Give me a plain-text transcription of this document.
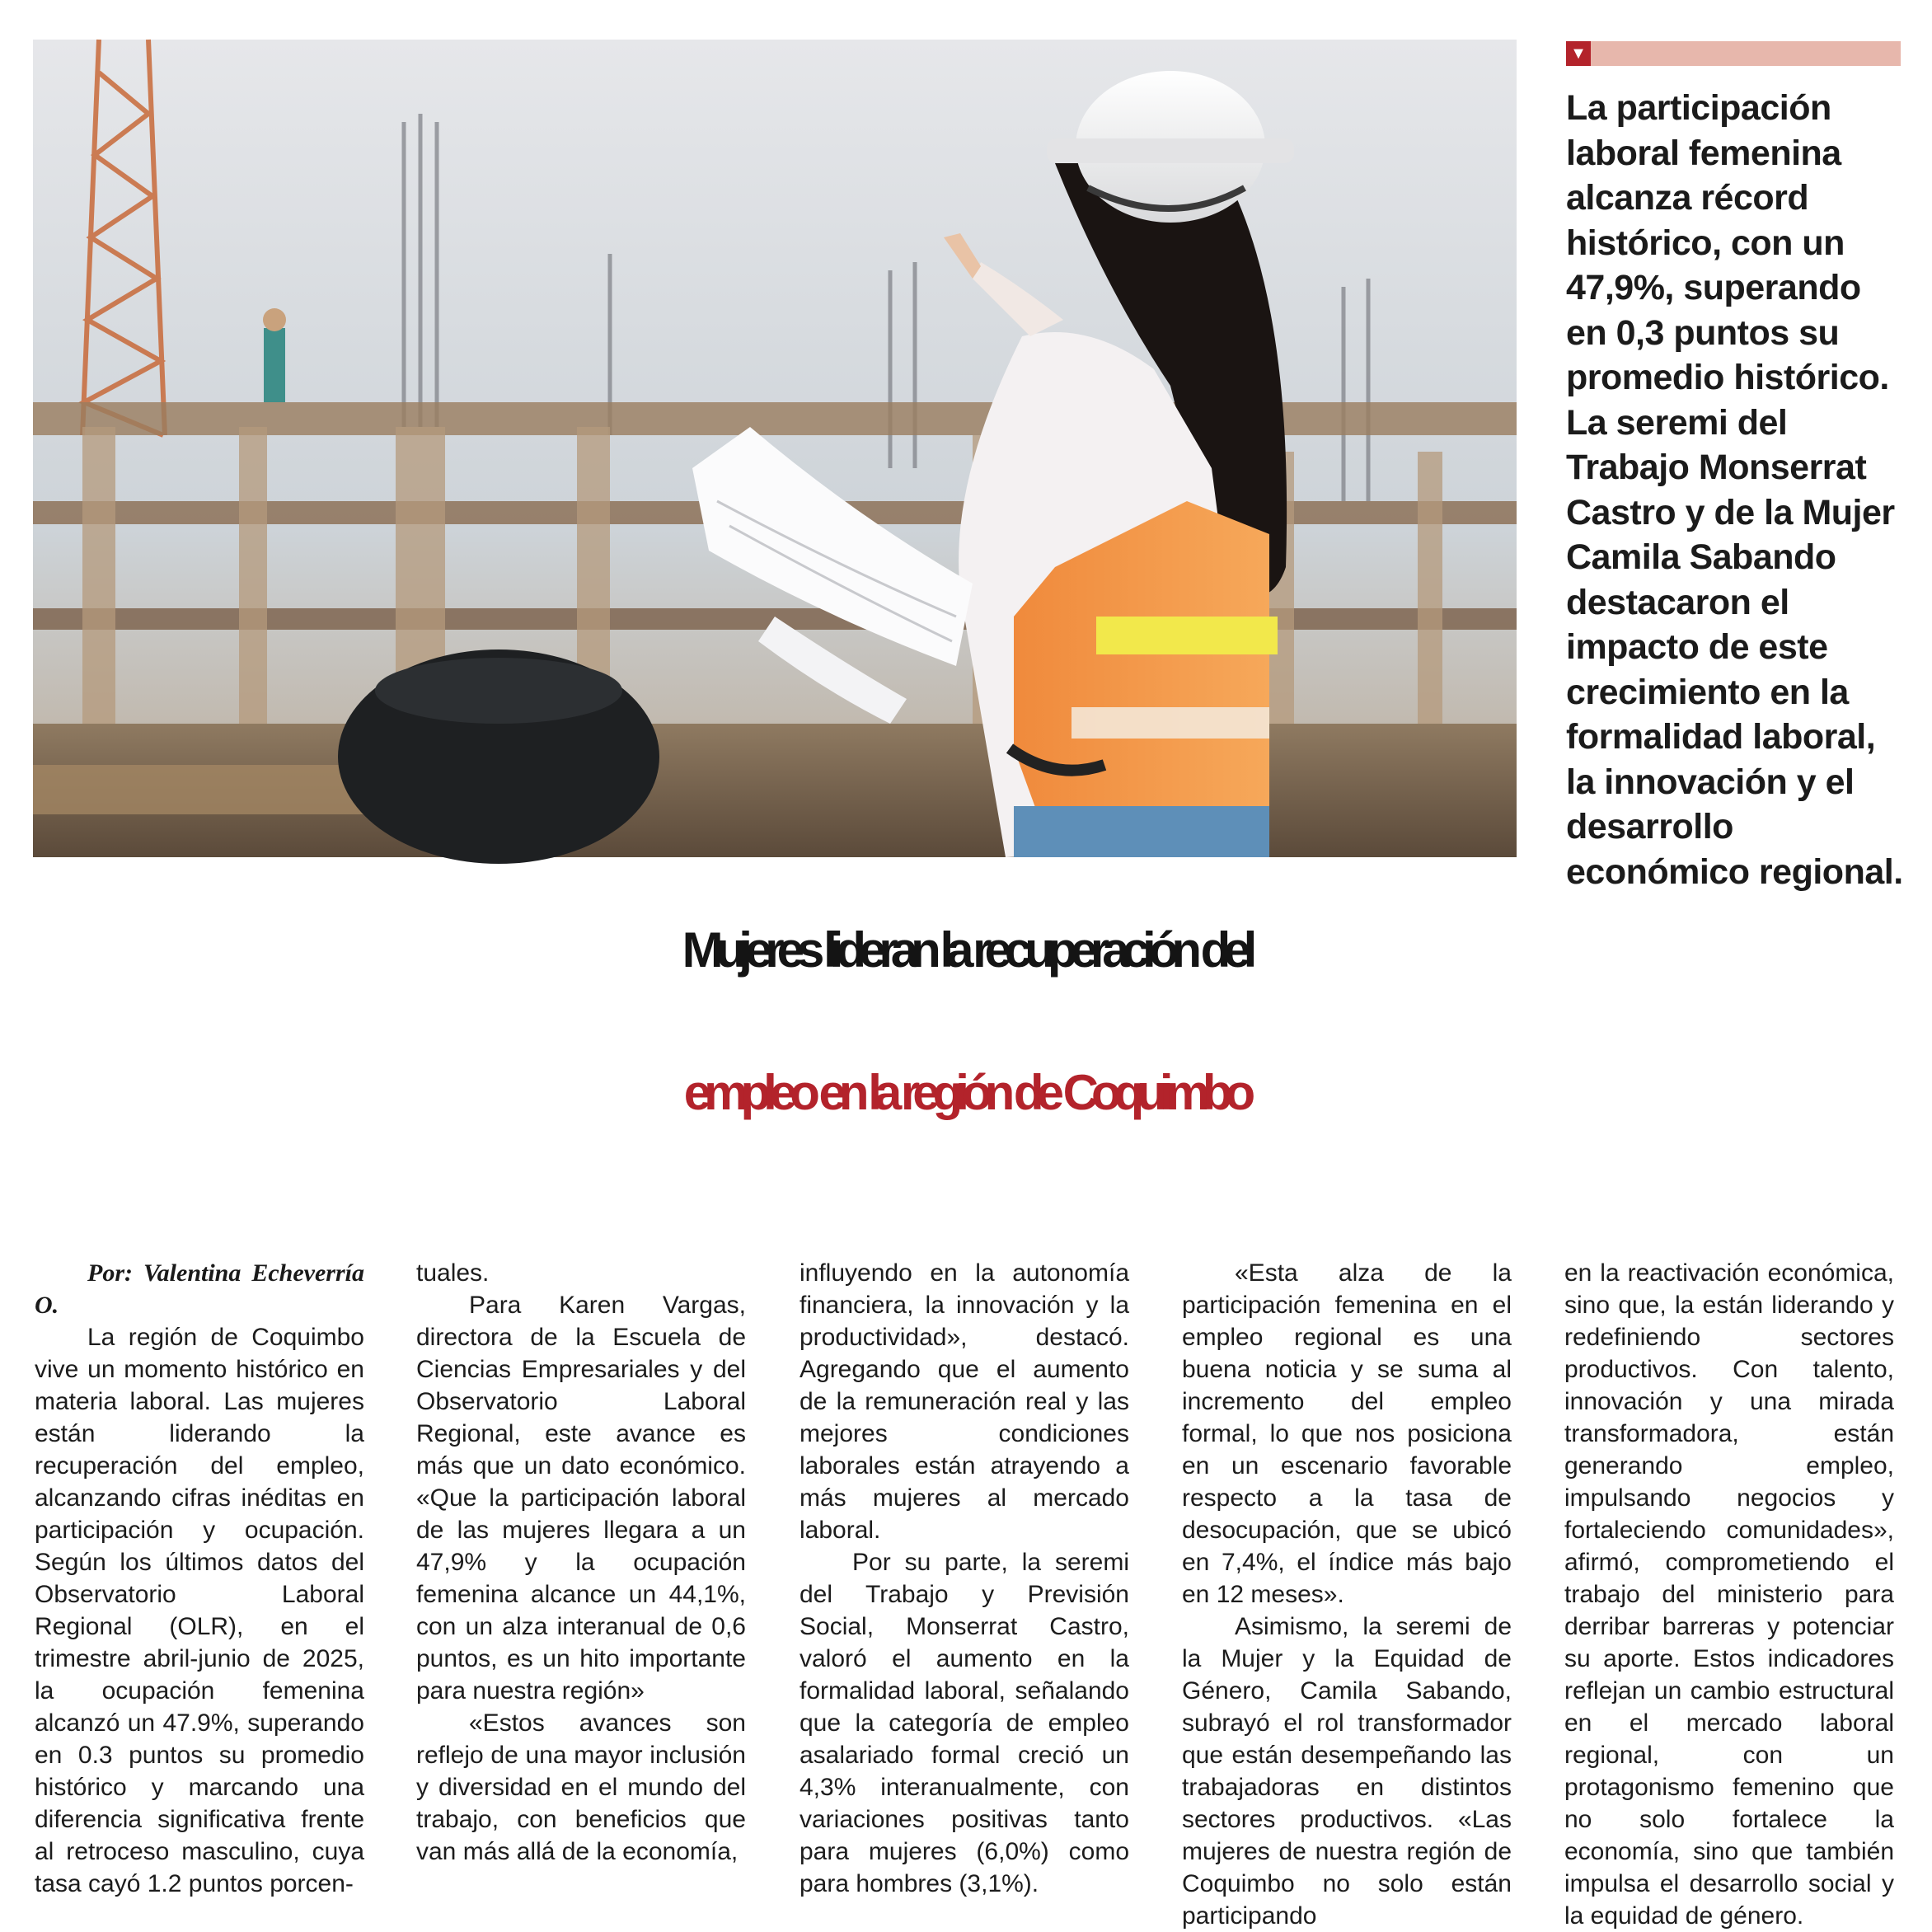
▼

La participación laboral femenina alcanza récord histórico, con un 47,9%, superando en 0,3 puntos su promedio histórico. La seremi del Trabajo Monserrat Castro y de la Mujer Camila Sabando destacaron el impacto de este crecimiento en la formalidad laboral, la innovación y el desarrollo económico regional.

Mujeres lideran la recuperación del
empleo en la región de Coquimbo

Por: Valentina Echeverría O.

La región de Coquimbo vive un momento histórico en materia laboral. Las mujeres están liderando la recuperación del empleo, alcanzando cifras inéditas en participación y ocupación. Según los últimos datos del Observatorio Laboral Regional (OLR), en el trimestre abril-junio de 2025, la ocupación femenina alcanzó un 47.9%, superando en 0.3 puntos su promedio histórico y marcando una diferencia significativa frente al retroceso masculino, cuya tasa cayó 1.2 puntos porcen-

tuales.

Para Karen Vargas, directora de la Escuela de Ciencias Empresariales y del Observatorio Laboral Regional, este avance es más que un dato económico. «Que la participación laboral de las mujeres llegara a un 47,9% y la ocupación femenina alcance un 44,1%, con un alza interanual de 0,6 puntos, es un hito importante para nuestra región»

«Estos avances son reflejo de una mayor inclusión y diversidad en el mundo del trabajo, con beneficios que van más allá de la economía,

influyendo en la autonomía financiera, la innovación y la productividad», destacó. Agregando que el aumento de la remuneración real y las mejores condiciones laborales están atrayendo a más mujeres al mercado laboral.

Por su parte, la seremi del Trabajo y Previsión Social, Monserrat Castro, valoró el aumento en la formalidad laboral, señalando que la categoría de empleo asalariado formal creció un 4,3% interanualmente, con variaciones positivas tanto para mujeres (6,0%) como para hombres (3,1%).

«Esta alza de la participación femenina en el empleo regional es una buena noticia y se suma al incremento del empleo formal, lo que nos posiciona en un escenario favorable respecto a la tasa de desocupación, que se ubicó en 7,4%, el índice más bajo en 12 meses».

Asimismo, la seremi de la Mujer y la Equidad de Género, Camila Sabando, subrayó el rol transformador que están desempeñando las trabajadoras en distintos sectores productivos. «Las mujeres de nuestra región de Coquimbo no solo están participando

en la reactivación económica, sino que, la están liderando y redefiniendo sectores productivos. Con talento, innovación y una mirada transformadora, están generando empleo, impulsando negocios y fortaleciendo comunidades», afirmó, comprometiendo el trabajo del ministerio para derribar barreras y potenciar su aporte. Estos indicadores reflejan un cambio estructural en el mercado laboral regional, con un protagonismo femenino que no solo fortalece la economía, sino que también impulsa el desarrollo social y la equidad de género.
